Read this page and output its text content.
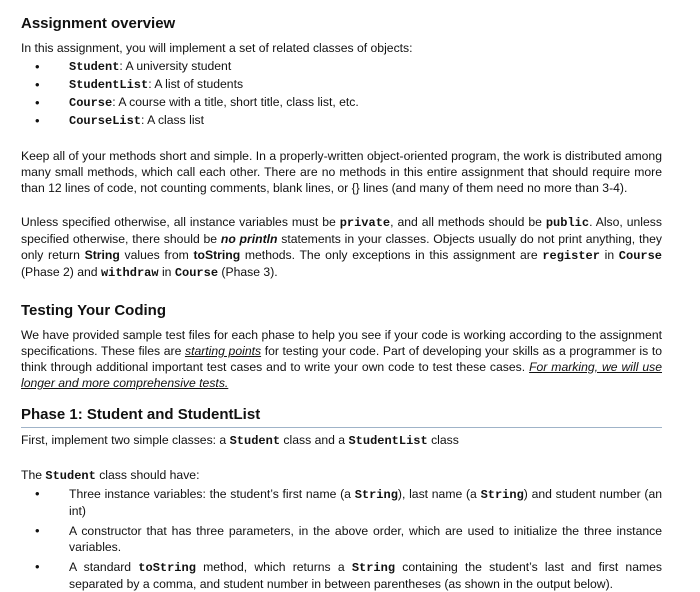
Assignment overview

In this assignment, you will implement a set of related classes of objects:

• Student: A university student
• StudentList: A list of students
• Course: A course with a title, short title, class list, etc.
• CourseList: A class list

Keep all of your methods short and simple. In a properly-written object-oriented program, the work is distributed among many small methods, which call each other. There are no methods in this entire assignment that should require more than 12 lines of code, not counting comments, blank lines, or {} lines (and many of them need no more than 3-4).

Unless specified otherwise, all instance variables must be private, and all methods should be public. Also, unless specified otherwise, there should be no println statements in your classes. Objects usually do not print anything, they only return String values from toString methods. The only exceptions in this assignment are register in Course (Phase 2) and withdraw in Course (Phase 3).

Testing Your Coding

We have provided sample test files for each phase to help you see if your code is working according to the assignment specifications. These files are starting points for testing your code. Part of developing your skills as a programmer is to think through additional important test cases and to write your own code to test these cases. For marking, we will use longer and more comprehensive tests.

Phase 1: Student and StudentList

First, implement two simple classes: a Student class and a StudentList class

The Student class should have:

• Three instance variables: the student’s first name (a String), last name (a String) and student number (an int)
• A constructor that has three parameters, in the above order, which are used to initialize the three instance variables.
• A standard toString method, which returns a String containing the student’s last and first names separated by a comma, and student number in between parentheses (as shown in the output below).
